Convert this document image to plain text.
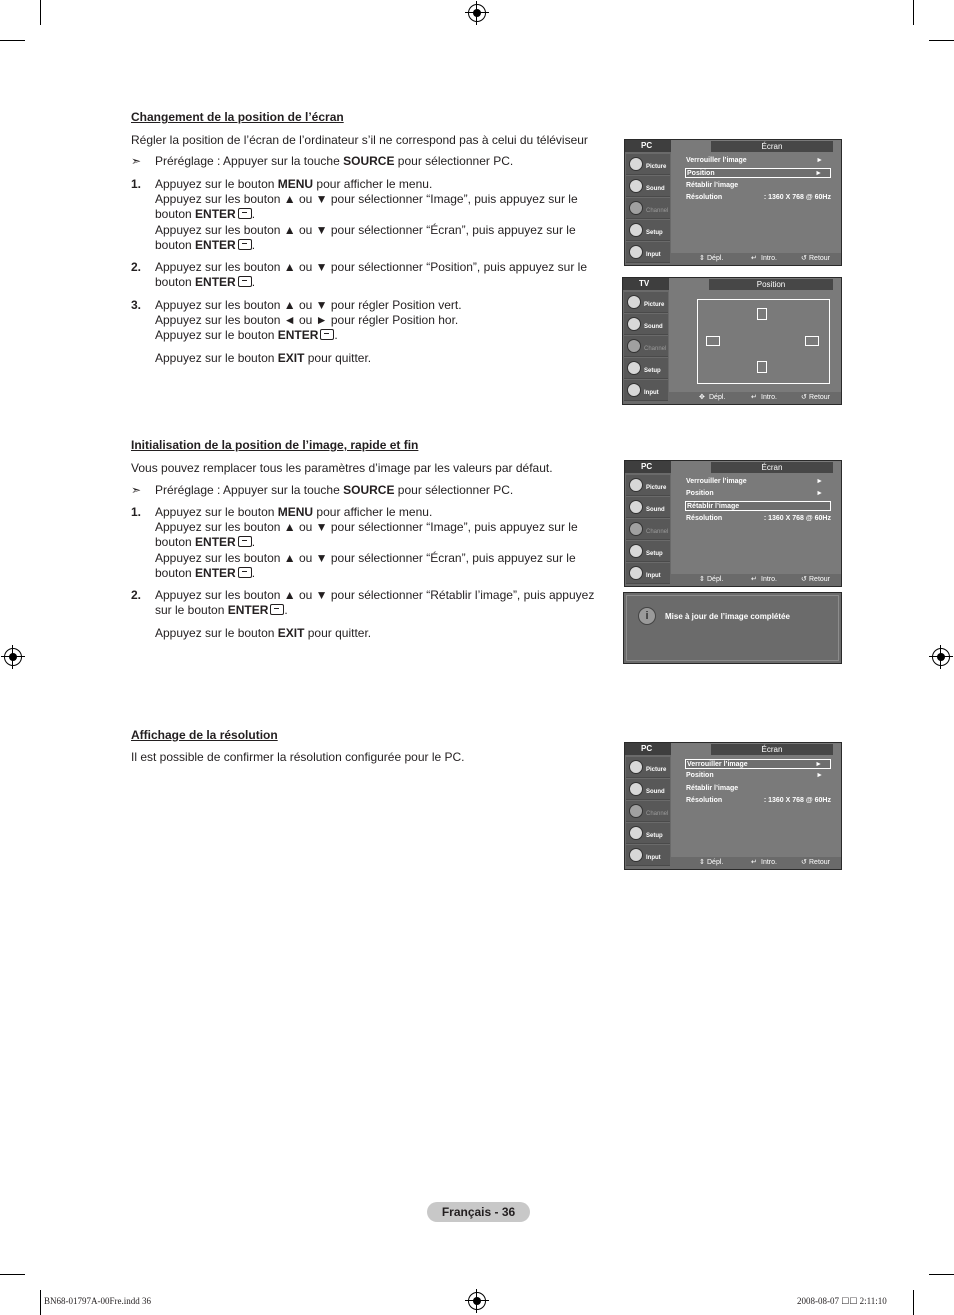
Changement de la position de l’écran
Régler la position de l’écran de l’ordinateur s’il ne correspond pas à celui du téléviseur
➣ Préréglage : Appuyer sur la touche SOURCE pour sélectionner PC.
1. Appuyez sur le bouton MENU pour afficher le menu.
Appuyez sur les bouton ▲ ou ▼ pour sélectionner “Image”, puis appuyez sur le
bouton ENTER .
Appuyez sur les bouton ▲ ou ▼ pour sélectionner “Écran”, puis appuyez sur le
bouton ENTER .
2. Appuyez sur les bouton ▲ ou ▼ pour sélectionner “Position”, puis appuyez sur le
bouton ENTER .
3. Appuyez sur les bouton ▲ ou ▼ pour régler Position vert.
Appuyez sur les bouton ◄ ou ► pour régler Position hor.
Appuyez sur le bouton ENTER .
Appuyez sur le bouton EXIT pour quitter.
PC	Écran
Picture
Sound
Channel
Setup
Input
Verrouiller l’image	►
Position	►
Rétablir l’image
Résolution	: 1360 X 768 @ 60Hz
⇕ Dépl.	↵ Intro.	↺ Retour
TV	Position
Picture
Sound
Channel
Setup
Input
✥ Dépl.	↵ Intro.	↺ Retour
Initialisation de la position de l’image, rapide et fin
Vous pouvez remplacer tous les paramètres d’image par les valeurs par défaut.
➣ Préréglage : Appuyer sur la touche SOURCE pour sélectionner PC.
1. Appuyez sur le bouton MENU pour afficher le menu.
Appuyez sur les bouton ▲ ou ▼ pour sélectionner “Image”, puis appuyez sur le
bouton ENTER .
Appuyez sur les bouton ▲ ou ▼ pour sélectionner “Écran”, puis appuyez sur le
bouton ENTER .
2. Appuyez sur les bouton ▲ ou ▼ pour sélectionner “Rétablir l’image”, puis appuyez
sur le bouton ENTER .
Appuyez sur le bouton EXIT pour quitter.
PC	Écran
Picture
Sound
Channel
Setup
Input
Verrouiller l’image	►
Position	►
Rétablir l’image
Résolution	: 1360 X 768 @ 60Hz
⇕ Dépl.	↵ Intro.	↺ Retour
i	Mise à jour de l’image complétée
Affichage de la résolution
Il est possible de confirmer la résolution configurée pour le PC.
PC	Écran
Picture
Sound
Channel
Setup
Input
Verrouiller l’image	►
Position	►
Rétablir l’image
Résolution	: 1360 X 768 @ 60Hz
⇕ Dépl.	↵ Intro.	↺ Retour
Français - 36
BN68-01797A-00Fre.indd 36	2008-08-07 ☐☐ 2:11:10
